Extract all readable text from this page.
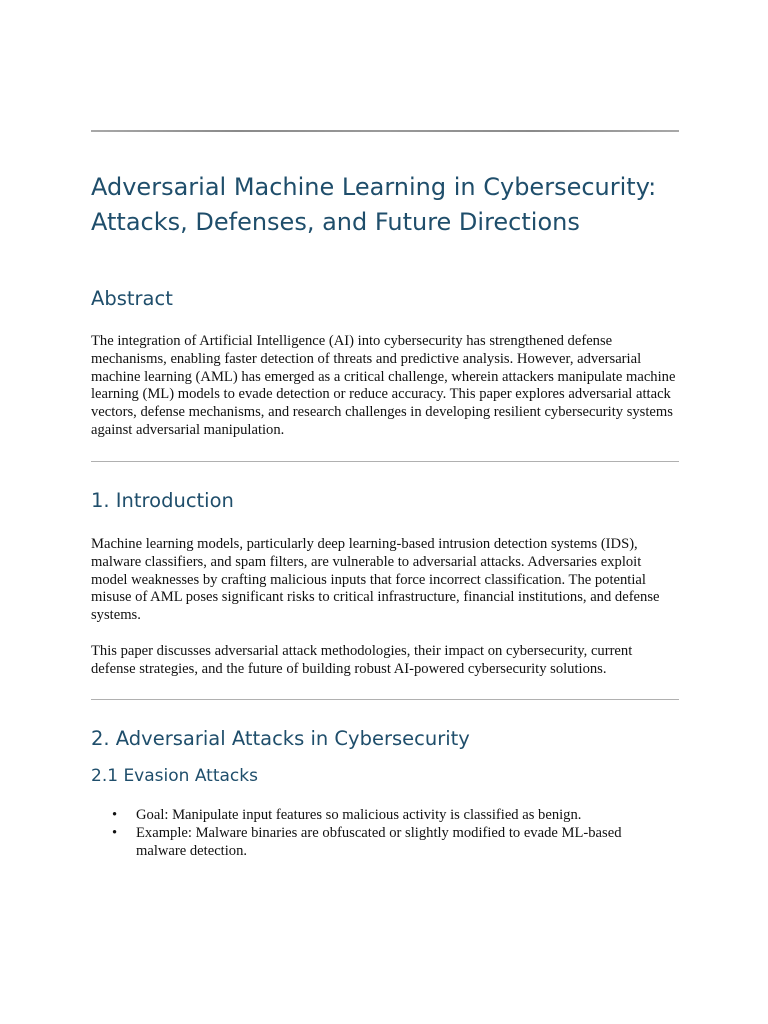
Adversarial Machine Learning in Cybersecurity: Attacks, Defenses, and Future Directions
Abstract

The integration of Artificial Intelligence (AI) into cybersecurity has strengthened defense mechanisms, enabling faster detection of threats and predictive analysis. However, adversarial machine learning (AML) has emerged as a critical challenge, wherein attackers manipulate machine learning (ML) models to evade detection or reduce accuracy. This paper explores adversarial attack vectors, defense mechanisms, and research challenges in developing resilient cybersecurity systems against adversarial manipulation.

1. Introduction

Machine learning models, particularly deep learning-based intrusion detection systems (IDS), malware classifiers, and spam filters, are vulnerable to adversarial attacks. Adversaries exploit model weaknesses by crafting malicious inputs that force incorrect classification. The potential misuse of AML poses significant risks to critical infrastructure, financial institutions, and defense systems.

This paper discusses adversarial attack methodologies, their impact on cybersecurity, current defense strategies, and the future of building robust AI-powered cybersecurity solutions.

2. Adversarial Attacks in Cybersecurity
2.1 Evasion Attacks
• Goal: Manipulate input features so malicious activity is classified as benign.
• Example: Malware binaries are obfuscated or slightly modified to evade ML-based malware detection.
